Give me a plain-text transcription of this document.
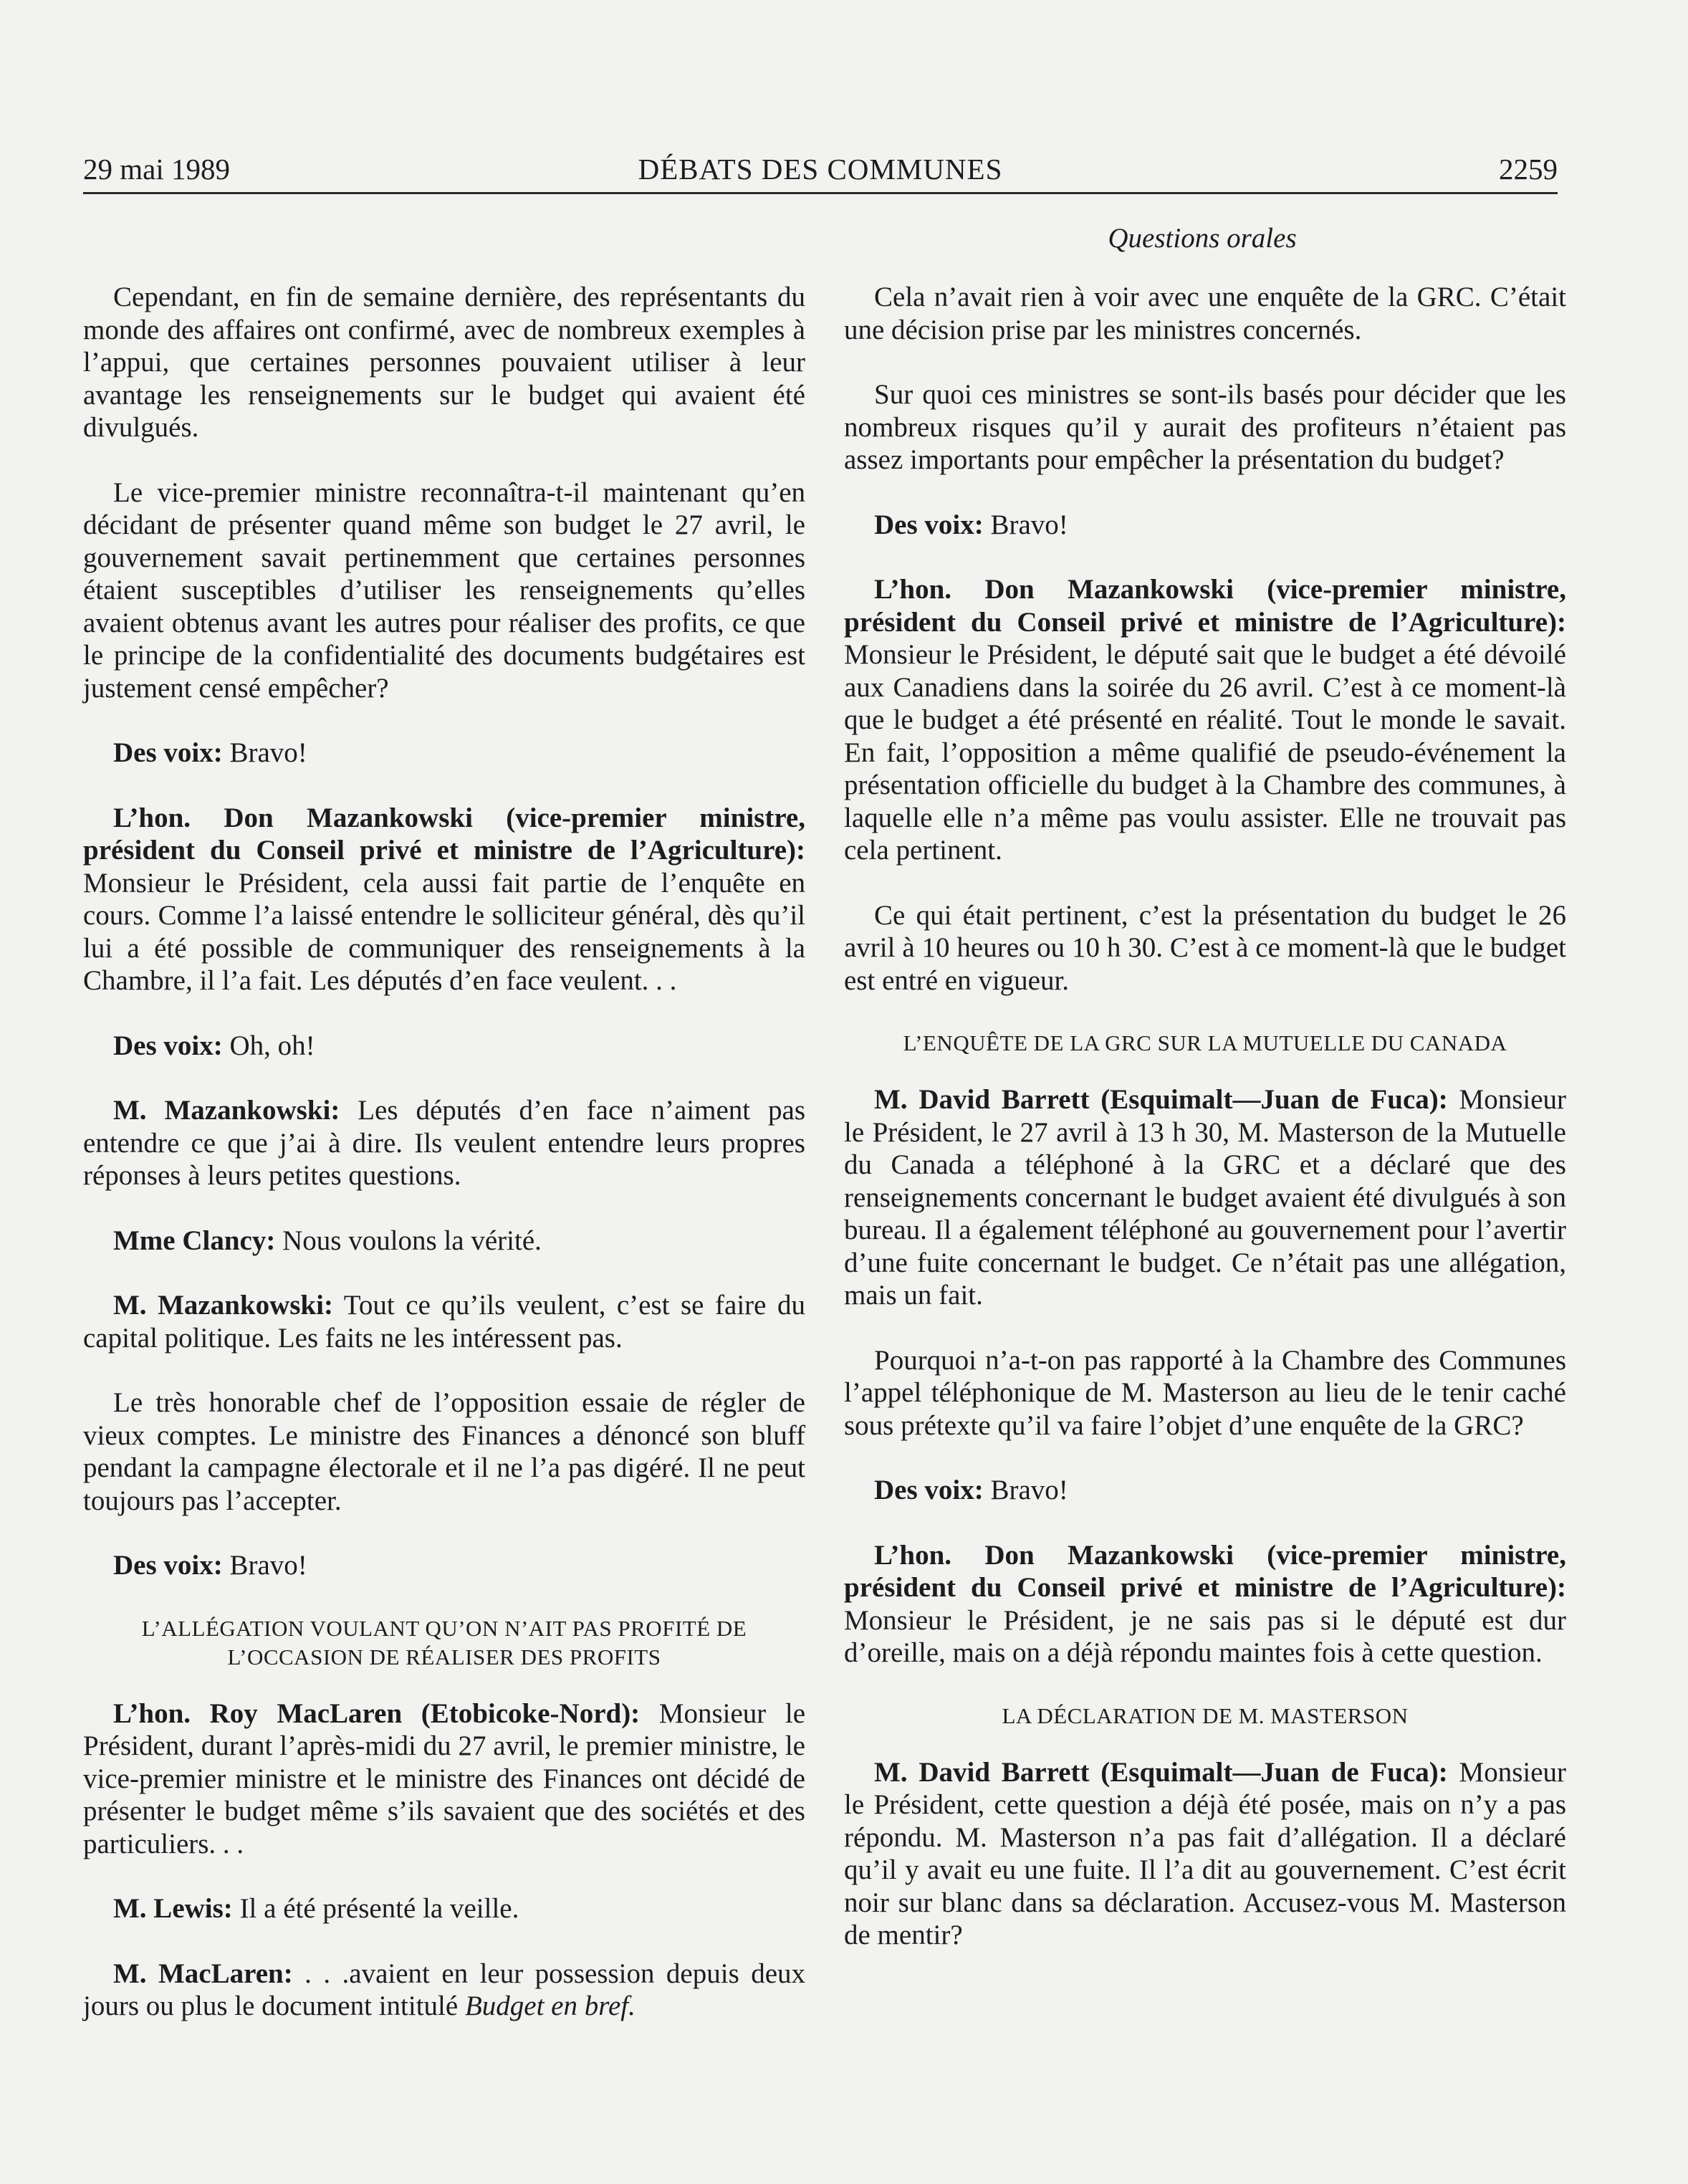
29 mai 1989	DÉBATS DES COMMUNES	2259
Questions orales

Cependant, en fin de semaine dernière, des représentants du monde des affaires ont confirmé, avec de nombreux exemples à l’appui, que certaines personnes pouvaient utiliser à leur avantage les renseignements sur le budget qui avaient été divulgués.

Le vice-premier ministre reconnaîtra-t-il maintenant qu’en décidant de présenter quand même son budget le 27 avril, le gouvernement savait pertinemment que certaines personnes étaient susceptibles d’utiliser les renseignements qu’elles avaient obtenus avant les autres pour réaliser des profits, ce que le principe de la confidentialité des documents budgétaires est justement censé empêcher?

Des voix: Bravo!

L’hon. Don Mazankowski (vice-premier ministre, président du Conseil privé et ministre de l’Agriculture): Monsieur le Président, cela aussi fait partie de l’enquête en cours. Comme l’a laissé entendre le solliciteur général, dès qu’il lui a été possible de communiquer des renseignements à la Chambre, il l’a fait. Les députés d’en face veulent. . .

Des voix: Oh, oh!

M. Mazankowski: Les députés d’en face n’aiment pas entendre ce que j’ai à dire. Ils veulent entendre leurs propres réponses à leurs petites questions.

Mme Clancy: Nous voulons la vérité.

M. Mazankowski: Tout ce qu’ils veulent, c’est se faire du capital politique. Les faits ne les intéressent pas.

Le très honorable chef de l’opposition essaie de régler de vieux comptes. Le ministre des Finances a dénoncé son bluff pendant la campagne électorale et il ne l’a pas digéré. Il ne peut toujours pas l’accepter.

Des voix: Bravo!

L’ALLÉGATION VOULANT QU’ON N’AIT PAS PROFITÉ DE L’OCCASION DE RÉALISER DES PROFITS

L’hon. Roy MacLaren (Etobicoke-Nord): Monsieur le Président, durant l’après-midi du 27 avril, le premier ministre, le vice-premier ministre et le ministre des Finances ont décidé de présenter le budget même s’ils savaient que des sociétés et des particuliers. . .

M. Lewis: Il a été présenté la veille.

M. MacLaren: . . .avaient en leur possession depuis deux jours ou plus le document intitulé Budget en bref.

Cela n’avait rien à voir avec une enquête de la GRC. C’était une décision prise par les ministres concernés.

Sur quoi ces ministres se sont-ils basés pour décider que les nombreux risques qu’il y aurait des profiteurs n’étaient pas assez importants pour empêcher la présentation du budget?

Des voix: Bravo!

L’hon. Don Mazankowski (vice-premier ministre, président du Conseil privé et ministre de l’Agriculture): Monsieur le Président, le député sait que le budget a été dévoilé aux Canadiens dans la soirée du 26 avril. C’est à ce moment-là que le budget a été présenté en réalité. Tout le monde le savait. En fait, l’opposition a même qualifié de pseudo-événement la présentation officielle du budget à la Chambre des communes, à laquelle elle n’a même pas voulu assister. Elle ne trouvait pas cela pertinent.

Ce qui était pertinent, c’est la présentation du budget le 26 avril à 10 heures ou 10 h 30. C’est à ce moment-là que le budget est entré en vigueur.

L’ENQUÊTE DE LA GRC SUR LA MUTUELLE DU CANADA

M. David Barrett (Esquimalt—Juan de Fuca): Monsieur le Président, le 27 avril à 13 h 30, M. Masterson de la Mutuelle du Canada a téléphoné à la GRC et a déclaré que des renseignements concernant le budget avaient été divulgués à son bureau. Il a également téléphoné au gouvernement pour l’avertir d’une fuite concernant le budget. Ce n’était pas une allégation, mais un fait.

Pourquoi n’a-t-on pas rapporté à la Chambre des Communes l’appel téléphonique de M. Masterson au lieu de le tenir caché sous prétexte qu’il va faire l’objet d’une enquête de la GRC?

Des voix: Bravo!

L’hon. Don Mazankowski (vice-premier ministre, président du Conseil privé et ministre de l’Agriculture): Monsieur le Président, je ne sais pas si le député est dur d’oreille, mais on a déjà répondu maintes fois à cette question.

LA DÉCLARATION DE M. MASTERSON

M. David Barrett (Esquimalt—Juan de Fuca): Monsieur le Président, cette question a déjà été posée, mais on n’y a pas répondu. M. Masterson n’a pas fait d’allégation. Il a déclaré qu’il y avait eu une fuite. Il l’a dit au gouvernement. C’est écrit noir sur blanc dans sa déclaration. Accusez-vous M. Masterson de mentir?
